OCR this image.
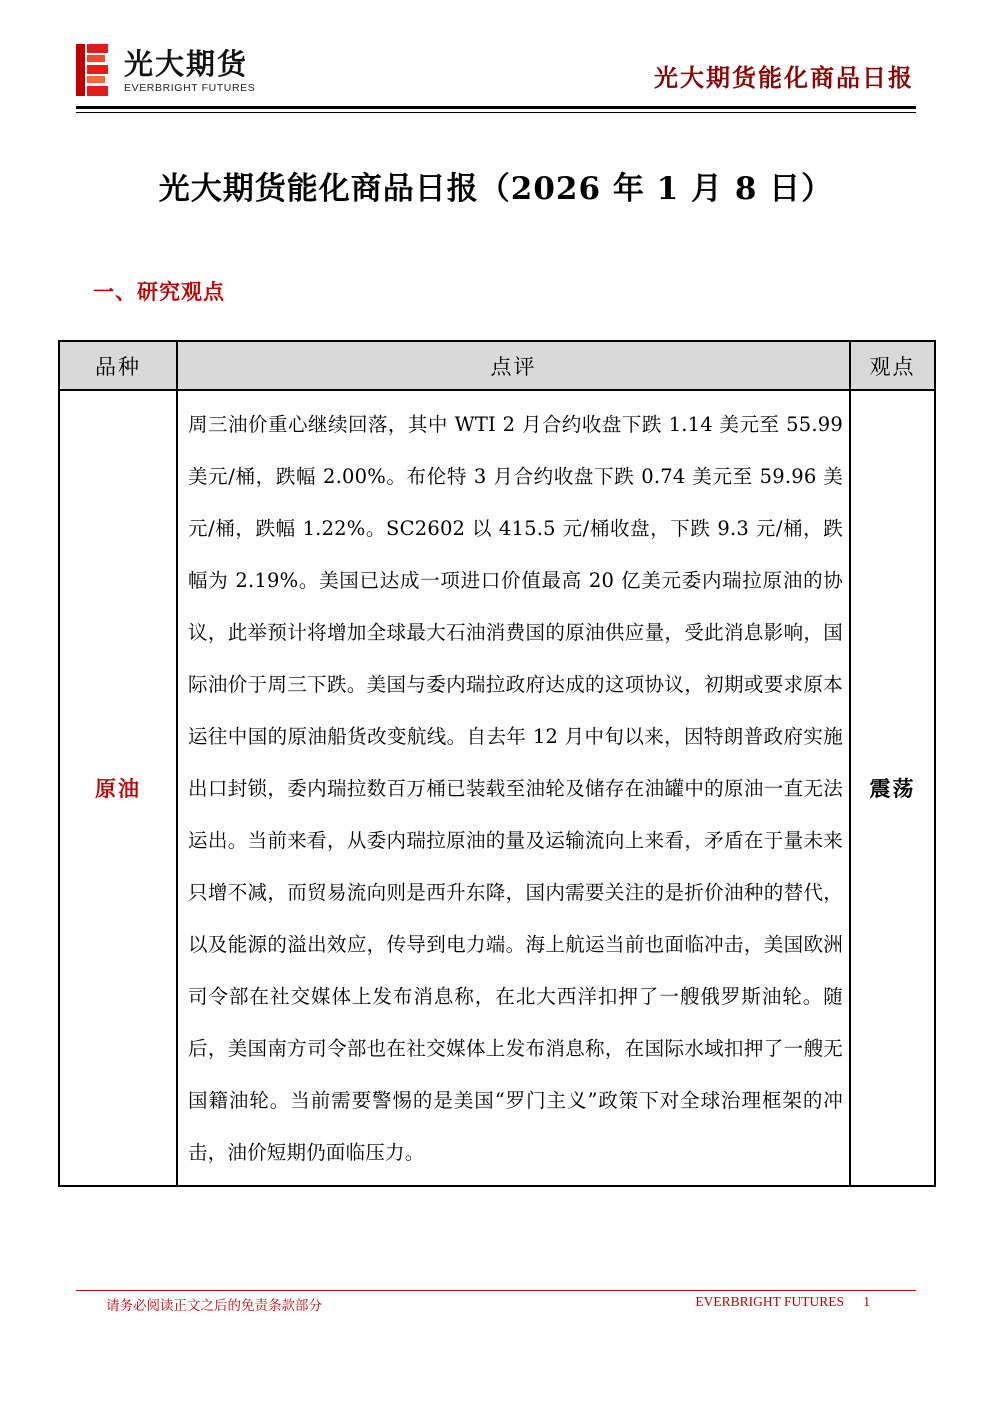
光大期货
EVERBRIGHT FUTURES	光大期货能化商品日报
光大期货能化商品日报（2026 年 1 月 8 日）
一、研究观点
品种	点评	观点
原油	周三油价重心继续回落，其中 WTI 2 月合约收盘下跌 1.14 美元至 55.99 美元/桶，跌幅 2.00%。布伦特 3 月合约收盘下跌 0.74 美元至 59.96 美元/桶，跌幅 1.22%。SC2602 以 415.5 元/桶收盘，下跌 9.3 元/桶，跌幅为 2.19%。美国已达成一项进口价值最高 20 亿美元委内瑞拉原油的协议，此举预计将增加全球最大石油消费国的原油供应量，受此消息影响，国际油价于周三下跌。美国与委内瑞拉政府达成的这项协议，初期或要求原本运往中国的原油船货改变航线。自去年 12 月中旬以来，因特朗普政府实施出口封锁，委内瑞拉数百万桶已装载至油轮及储存在油罐中的原油一直无法运出。当前来看，从委内瑞拉原油的量及运输流向上来看，矛盾在于量未来只增不减，而贸易流向则是西升东降，国内需要关注的是折价油种的替代，以及能源的溢出效应，传导到电力端。海上航运当前也面临冲击，美国欧洲司令部在社交媒体上发布消息称，在北大西洋扣押了一艘俄罗斯油轮。随后，美国南方司令部也在社交媒体上发布消息称，在国际水域扣押了一艘无国籍油轮。当前需要警惕的是美国“罗门主义”政策下对全球治理框架的冲击，油价短期仍面临压力。	震荡
请务必阅读正文之后的免责条款部分	EVERBRIGHT FUTURES 1
